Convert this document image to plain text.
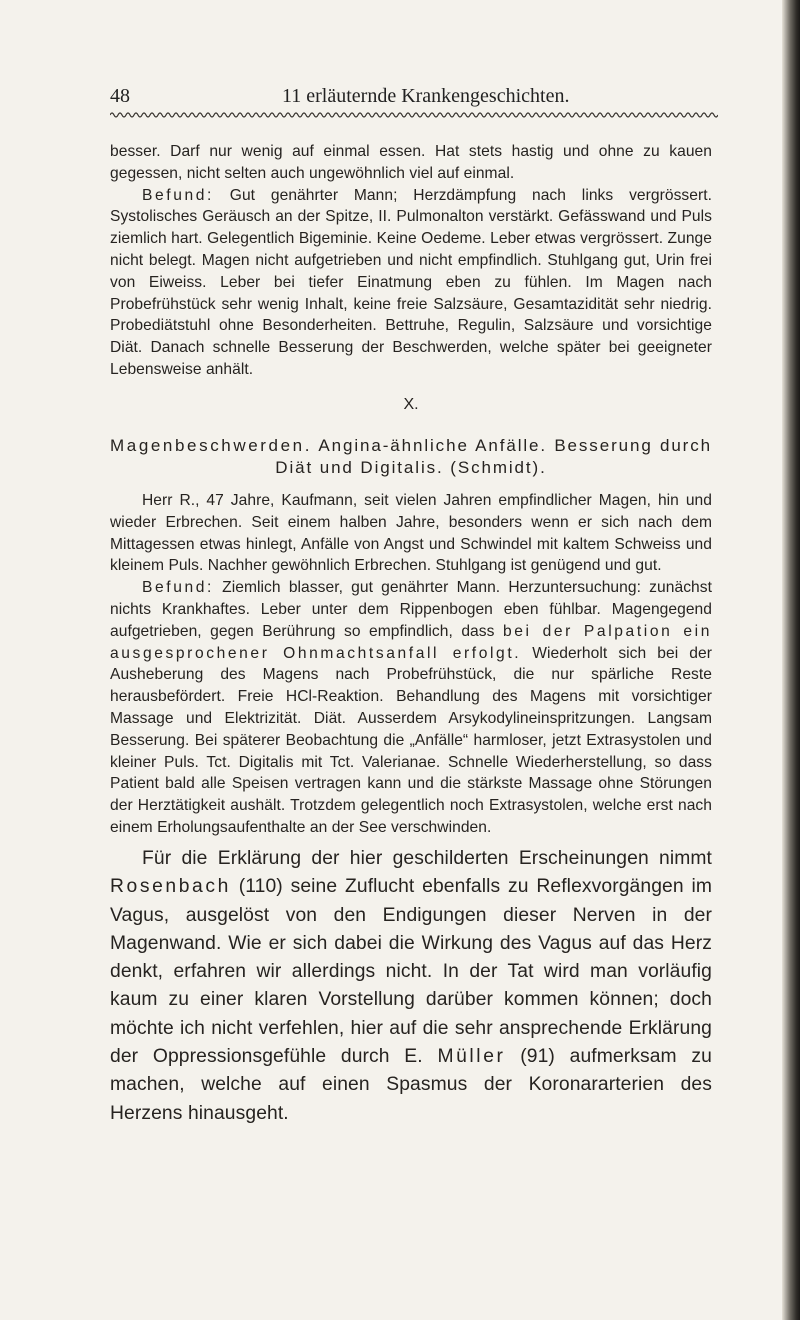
48	11 erläuternde Krankengeschichten.

besser. Darf nur wenig auf einmal essen. Hat stets hastig und ohne zu kauen gegessen, nicht selten auch ungewöhnlich viel auf einmal.
Befund: Gut genährter Mann; Herzdämpfung nach links vergrössert. Systolisches Geräusch an der Spitze, II. Pulmonalton verstärkt. Gefässwand und Puls ziemlich hart. Gelegentlich Bigeminie. Keine Oedeme. Leber etwas vergrössert. Zunge nicht belegt. Magen nicht aufgetrieben und nicht empfindlich. Stuhlgang gut, Urin frei von Eiweiss. Leber bei tiefer Einatmung eben zu fühlen. Im Magen nach Probefrühstück sehr wenig Inhalt, keine freie Salzsäure, Gesamtazidität sehr niedrig. Probediätstuhl ohne Besonderheiten. Bettruhe, Regulin, Salzsäure und vorsichtige Diät. Danach schnelle Besserung der Beschwerden, welche später bei geeigneter Lebensweise anhält.

X.

Magenbeschwerden. Angina-ähnliche Anfälle. Besserung durch Diät und Digitalis. (Schmidt).

Herr R., 47 Jahre, Kaufmann, seit vielen Jahren empfindlicher Magen, hin und wieder Erbrechen. Seit einem halben Jahre, besonders wenn er sich nach dem Mittagessen etwas hinlegt, Anfälle von Angst und Schwindel mit kaltem Schweiss und kleinem Puls. Nachher gewöhnlich Erbrechen. Stuhlgang ist genügend und gut.

Befund: Ziemlich blasser, gut genährter Mann. Herzuntersuchung: zunächst nichts Krankhaftes. Leber unter dem Rippenbogen eben fühlbar. Magengegend aufgetrieben, gegen Berührung so empfindlich, dass bei der Palpation ein ausgesprochener Ohnmachtsanfall erfolgt. Wiederholt sich bei der Ausheberung des Magens nach Probefrühstück, die nur spärliche Reste herausbefördert. Freie HCl-Reaktion. Behandlung des Magens mit vorsichtiger Massage und Elektrizität. Diät. Ausserdem Arsykodylineinspritzungen. Langsam Besserung. Bei späterer Beobachtung die „Anfälle“ harmloser, jetzt Extrasystolen und kleiner Puls. Tct. Digitalis mit Tct. Valerianae. Schnelle Wiederherstellung, so dass Patient bald alle Speisen vertragen kann und die stärkste Massage ohne Störungen der Herztätigkeit aushält. Trotzdem gelegentlich noch Extrasystolen, welche erst nach einem Erholungsaufenthalte an der See verschwinden.

Für die Erklärung der hier geschilderten Erscheinungen nimmt Rosenbach (110) seine Zuflucht ebenfalls zu Reflexvorgängen im Vagus, ausgelöst von den Endigungen dieser Nerven in der Magenwand. Wie er sich dabei die Wirkung des Vagus auf das Herz denkt, erfahren wir allerdings nicht. In der Tat wird man vorläufig kaum zu einer klaren Vorstellung darüber kommen können; doch möchte ich nicht verfehlen, hier auf die sehr ansprechende Erklärung der Oppressionsgefühle durch E. Müller (91) aufmerksam zu machen, welche auf einen Spasmus der Koronararterien des Herzens hinausgeht.
